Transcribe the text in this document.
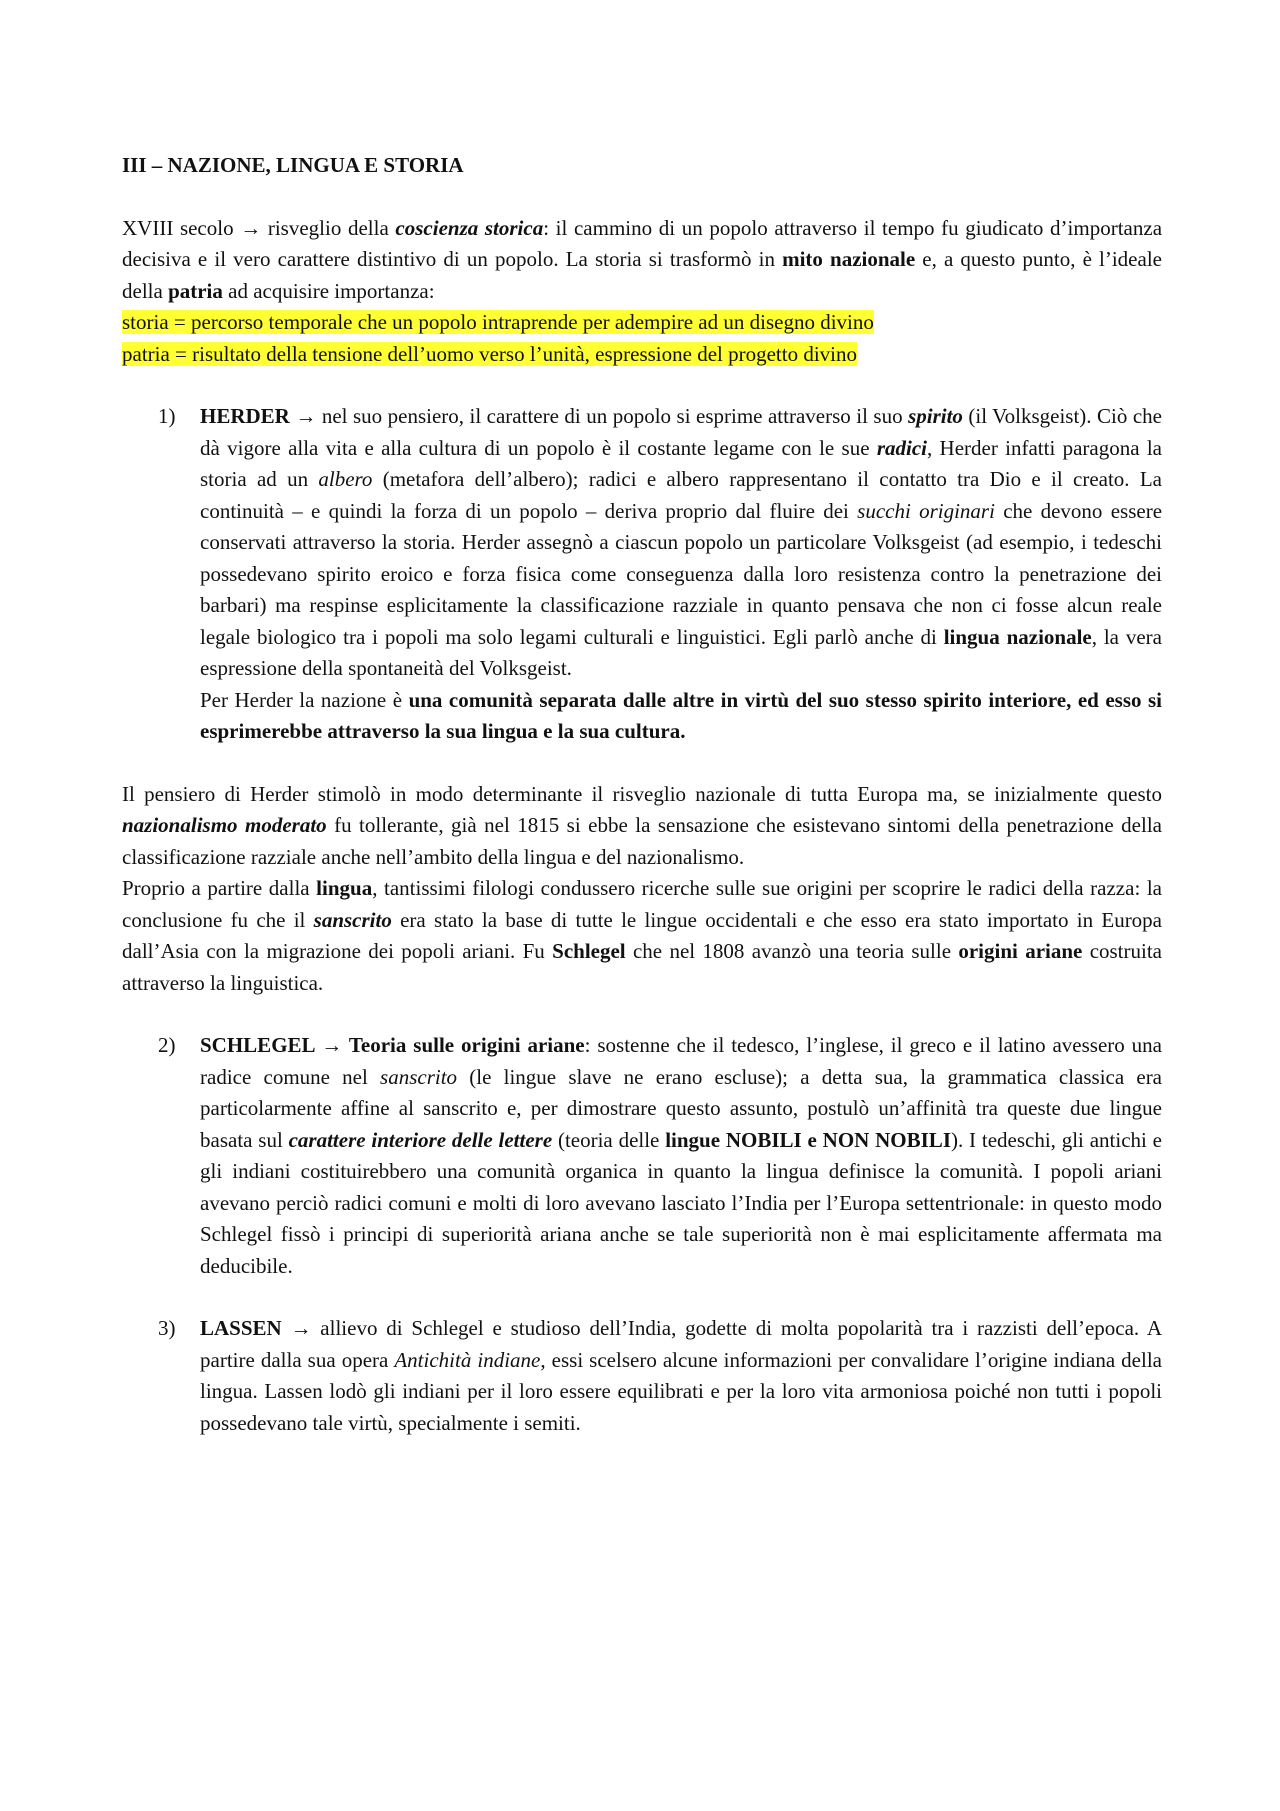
III – NAZIONE, LINGUA E STORIA

XVIII secolo → risveglio della coscienza storica: il cammino di un popolo attraverso il tempo fu giudicato d’importanza decisiva e il vero carattere distintivo di un popolo. La storia si trasformò in mito nazionale e, a questo punto, è l’ideale della patria ad acquisire importanza:

storia = percorso temporale che un popolo intraprende per adempire ad un disegno divino
patria = risultato della tensione dell’uomo verso l’unità, espressione del progetto divino
1) HERDER → nel suo pensiero, il carattere di un popolo si esprime attraverso il suo spirito (il Volksgeist). Ciò che dà vigore alla vita e alla cultura di un popolo è il costante legame con le sue radici, Herder infatti paragona la storia ad un albero (metafora dell’albero); radici e albero rappresentano il contatto tra Dio e il creato. La continuità – e quindi la forza di un popolo – deriva proprio dal fluire dei succhi originari che devono essere conservati attraverso la storia. Herder assegnò a ciascun popolo un particolare Volksgeist (ad esempio, i tedeschi possedevano spirito eroico e forza fisica come conseguenza dalla loro resistenza contro la penetrazione dei barbari) ma respinse esplicitamente la classificazione razziale in quanto pensava che non ci fosse alcun reale legale biologico tra i popoli ma solo legami culturali e linguistici. Egli parlò anche di lingua nazionale, la vera espressione della spontaneità del Volksgeist.
Per Herder la nazione è una comunità separata dalle altre in virtù del suo stesso spirito interiore, ed esso si esprimerebbe attraverso la sua lingua e la sua cultura.

Il pensiero di Herder stimolò in modo determinante il risveglio nazionale di tutta Europa ma, se inizialmente questo nazionalismo moderato fu tollerante, già nel 1815 si ebbe la sensazione che esistevano sintomi della penetrazione della classificazione razziale anche nell’ambito della lingua e del nazionalismo.

Proprio a partire dalla lingua, tantissimi filologi condussero ricerche sulle sue origini per scoprire le radici della razza: la conclusione fu che il sanscrito era stato la base di tutte le lingue occidentali e che esso era stato importato in Europa dall’Asia con la migrazione dei popoli ariani. Fu Schlegel che nel 1808 avanzò una teoria sulle origini ariane costruita attraverso la linguistica.

2) SCHLEGEL → Teoria sulle origini ariane: sostenne che il tedesco, l’inglese, il greco e il latino avessero una radice comune nel sanscrito (le lingue slave ne erano escluse); a detta sua, la grammatica classica era particolarmente affine al sanscrito e, per dimostrare questo assunto, postulò un’affinità tra queste due lingue basata sul carattere interiore delle lettere (teoria delle lingue NOBILI e NON NOBILI). I tedeschi, gli antichi e gli indiani costituirebbero una comunità organica in quanto la lingua definisce la comunità. I popoli ariani avevano perciò radici comuni e molti di loro avevano lasciato l’India per l’Europa settentrionale: in questo modo Schlegel fissò i principi di superiorità ariana anche se tale superiorità non è mai esplicitamente affermata ma deducibile.
3) LASSEN → allievo di Schlegel e studioso dell’India, godette di molta popolarità tra i razzisti dell’epoca. A partire dalla sua opera Antichità indiane, essi scelsero alcune informazioni per convalidare l’origine indiana della lingua. Lassen lodò gli indiani per il loro essere equilibrati e per la loro vita armoniosa poiché non tutti i popoli possedevano tale virtù, specialmente i semiti.
